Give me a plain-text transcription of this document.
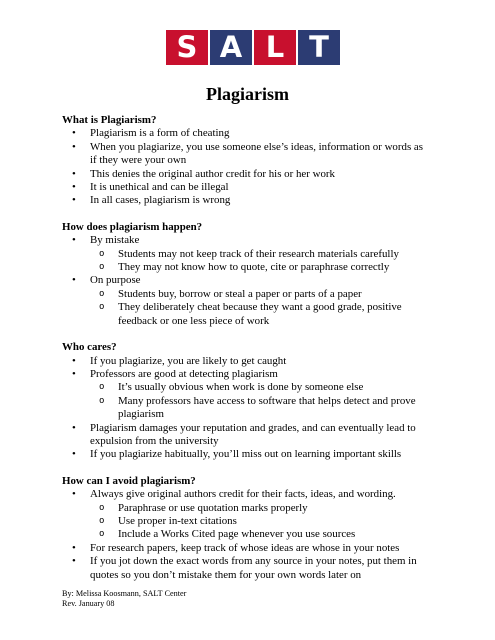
S A L T
Plagiarism
What is Plagiarism?
• Plagiarism is a form of cheating
• When you plagiarize, you use someone else’s ideas, information or words as if they were your own
• This denies the original author credit for his or her work
• It is unethical and can be illegal
• In all cases, plagiarism is wrong
How does plagiarism happen?
• By mistake
o Students may not keep track of their research materials carefully
o They may not know how to quote, cite or paraphrase correctly
• On purpose
o Students buy, borrow or steal a paper or parts of a paper
o They deliberately cheat because they want a good grade, positive feedback or one less piece of work
Who cares?
• If you plagiarize, you are likely to get caught
• Professors are good at detecting plagiarism
o It’s usually obvious when work is done by someone else
o Many professors have access to software that helps detect and prove plagiarism
• Plagiarism damages your reputation and grades, and can eventually lead to expulsion from the university
• If you plagiarize habitually, you’ll miss out on learning important skills
How can I avoid plagiarism?
• Always give original authors credit for their facts, ideas, and wording.
o Paraphrase or use quotation marks properly
o Use proper in-text citations
o Include a Works Cited page whenever you use sources
• For research papers, keep track of whose ideas are whose in your notes
• If you jot down the exact words from any source in your notes, put them in quotes so you don’t mistake them for your own words later on
By: Melissa Koosmann, SALT Center
Rev. January 08
